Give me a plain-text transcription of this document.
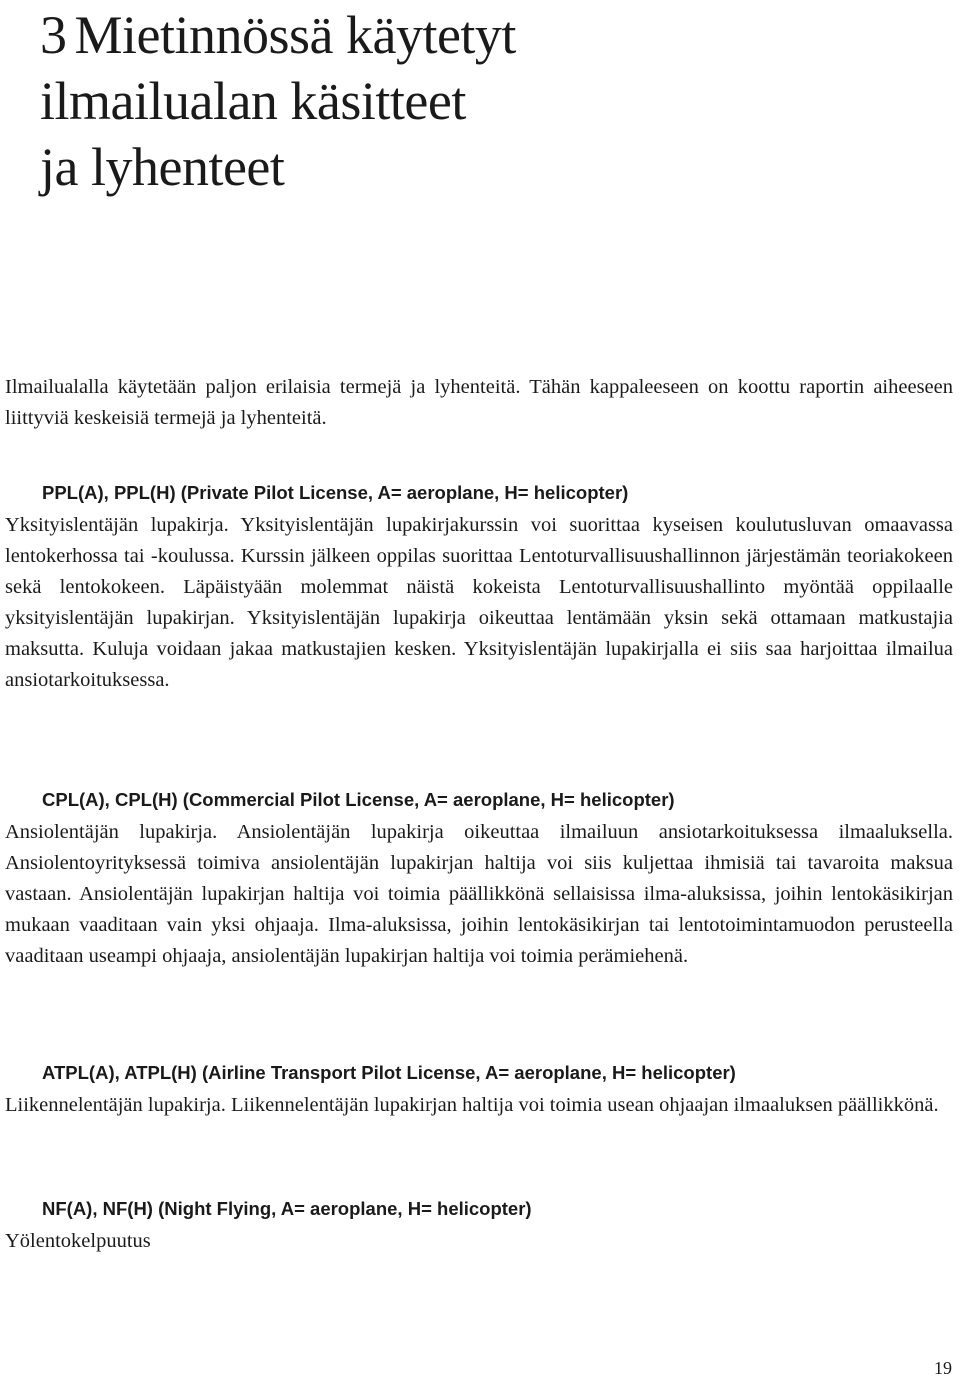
3 Mietinnössä käytetyt
ilmailualan käsitteet
ja lyhenteet

Ilmailualalla käytetään paljon erilaisia termejä ja lyhenteitä. Tähän kappaleeseen on koottu raportin aiheeseen liittyviä keskeisiä termejä ja lyhenteitä.

PPL(A), PPL(H) (Private Pilot License, A= aeroplane, H= helicopter)

Yksityislentäjän lupakirja. Yksityislentäjän lupakirjakurssin voi suorittaa kyseisen koulutusluvan omaavassa lentokerhossa tai -koulussa. Kurssin jälkeen oppilas suorittaa Lentoturvallisuushallinnon järjestämän teoriakokeen sekä lentokokeen. Läpäistyään molemmat näistä kokeista Lentoturvallisuushallinto myöntää oppilaalle yksityislentäjän lupakirjan. Yksityislentäjän lupakirja oikeuttaa lentämään yksin sekä ottamaan matkustajia maksutta. Kuluja voidaan jakaa matkustajien kesken. Yksityislentäjän lupakirjalla ei siis saa harjoittaa ilmailua ansiotarkoituksessa.

CPL(A), CPL(H) (Commercial Pilot License, A= aeroplane, H= helicopter)

Ansiolentäjän lupakirja. Ansiolentäjän lupakirja oikeuttaa ilmailuun ansiotarkoituksessa ilmaaluksella. Ansiolentoyrityksessä toimiva ansiolentäjän lupakirjan haltija voi siis kuljettaa ihmisiä tai tavaroita maksua vastaan. Ansiolentäjän lupakirjan haltija voi toimia päällikkönä sellaisissa ilma-aluksissa, joihin lentokäsikirjan mukaan vaaditaan vain yksi ohjaaja. Ilma-aluksissa, joihin lentokäsikirjan tai lentotoimintamuodon perusteella vaaditaan useampi ohjaaja, ansiolentäjän lupakirjan haltija voi toimia perämiehenä.

ATPL(A), ATPL(H) (Airline Transport Pilot License, A= aeroplane, H= helicopter)

Liikennelentäjän lupakirja. Liikennelentäjän lupakirjan haltija voi toimia usean ohjaajan ilmaaluksen päällikkönä.

NF(A), NF(H) (Night Flying, A= aeroplane, H= helicopter)

Yölentokelpuutus

19
